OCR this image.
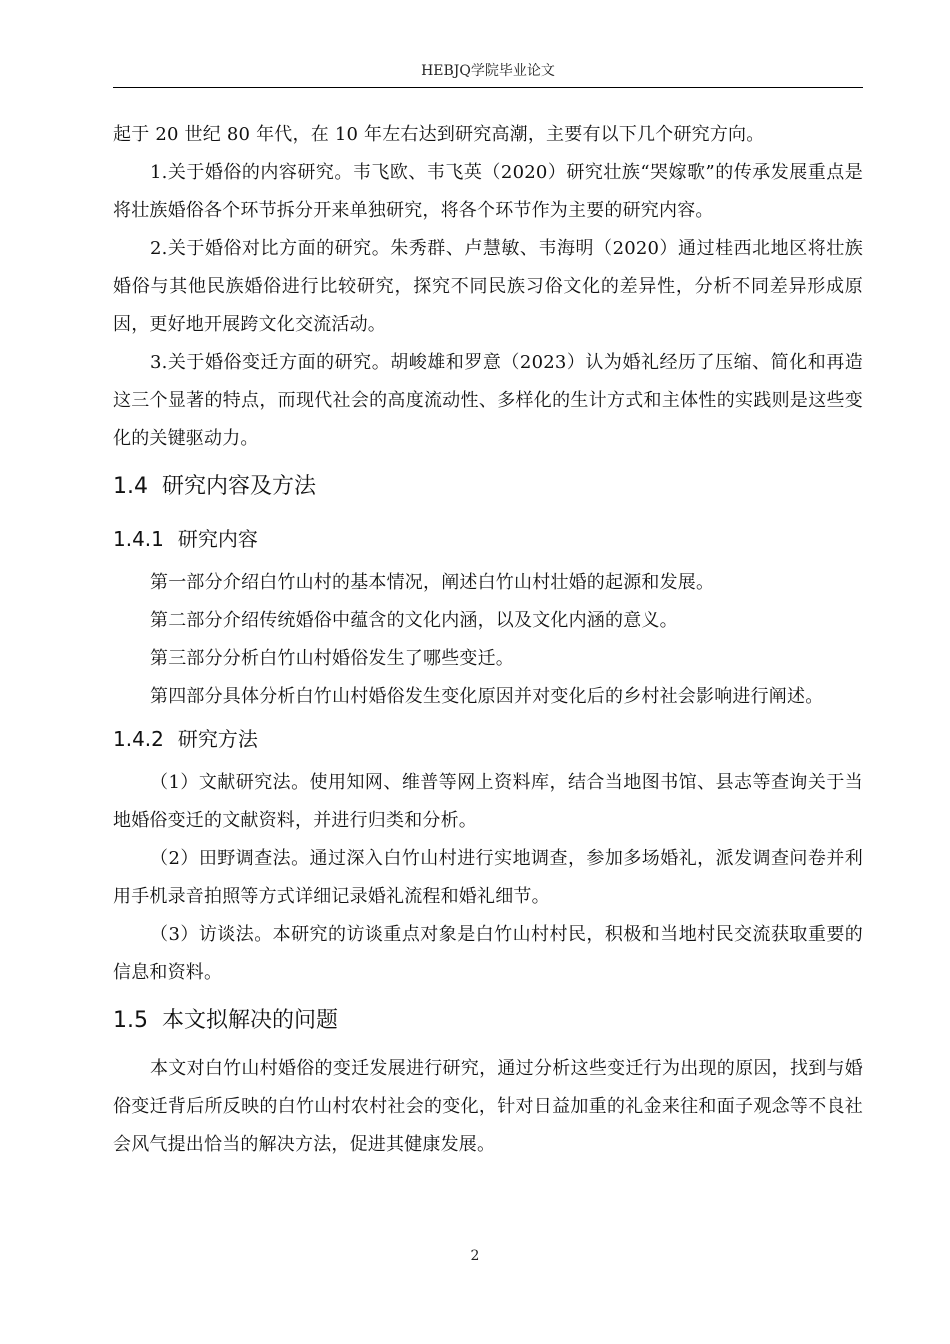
HEBJQ学院毕业论文

起于 20 世纪 80 年代，在 10 年左右达到研究高潮，主要有以下几个研究方向。

1.关于婚俗的内容研究。韦飞欧、韦飞英（2020）研究壮族“哭嫁歌”的传承发展重点是将壮族婚俗各个环节拆分开来单独研究，将各个环节作为主要的研究内容。

2.关于婚俗对比方面的研究。朱秀群、卢慧敏、韦海明（2020）通过桂西北地区将壮族婚俗与其他民族婚俗进行比较研究，探究不同民族习俗文化的差异性，分析不同差异形成原因，更好地开展跨文化交流活动。

3.关于婚俗变迁方面的研究。胡峻雄和罗意（2023）认为婚礼经历了压缩、简化和再造这三个显著的特点，而现代社会的高度流动性、多样化的生计方式和主体性的实践则是这些变化的关键驱动力。

1.4 研究内容及方法
1.4.1 研究内容

第一部分介绍白竹山村的基本情况，阐述白竹山村壮婚的起源和发展。

第二部分介绍传统婚俗中蕴含的文化内涵，以及文化内涵的意义。

第三部分分析白竹山村婚俗发生了哪些变迁。

第四部分具体分析白竹山村婚俗发生变化原因并对变化后的乡村社会影响进行阐述。

1.4.2 研究方法

（1）文献研究法。使用知网、维普等网上资料库，结合当地图书馆、县志等查询关于当地婚俗变迁的文献资料，并进行归类和分析。

（2）田野调查法。通过深入白竹山村进行实地调查，参加多场婚礼，派发调查问卷并利用手机录音拍照等方式详细记录婚礼流程和婚礼细节。

（3）访谈法。本研究的访谈重点对象是白竹山村村民，积极和当地村民交流获取重要的信息和资料。

1.5 本文拟解决的问题

本文对白竹山村婚俗的变迁发展进行研究，通过分析这些变迁行为出现的原因，找到与婚俗变迁背后所反映的白竹山村农村社会的变化，针对日益加重的礼金来往和面子观念等不良社会风气提出恰当的解决方法，促进其健康发展。

2
